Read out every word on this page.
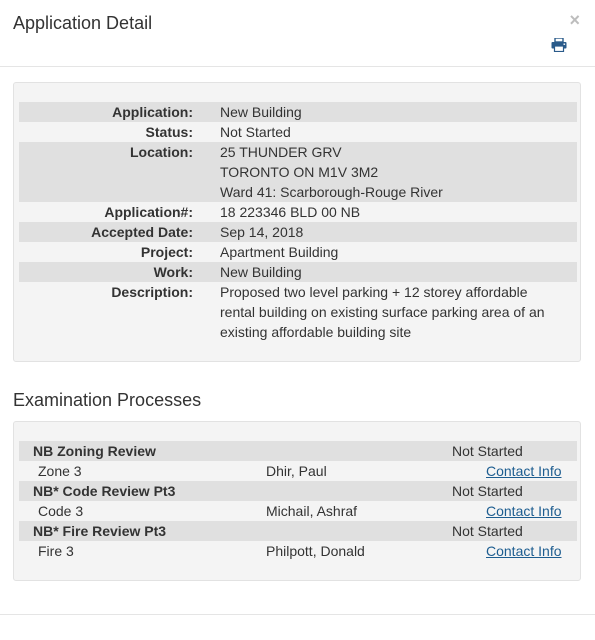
Application Detail	×
Application: New Building
Status: Not Started
Location: 25 THUNDER GRV
TORONTO ON M1V 3M2
Ward 41: Scarborough-Rouge River
Application#: 18 223346 BLD 00 NB
Accepted Date: Sep 14, 2018
Project: Apartment Building
Work: New Building
Description: Proposed two level parking + 12 storey affordable rental building on existing surface parking area of an existing affordable building site
Examination Processes
NB Zoning Review	Not Started
Zone 3	Dhir, Paul	Contact Info
NB* Code Review Pt3	Not Started
Code 3	Michail, Ashraf	Contact Info
NB* Fire Review Pt3	Not Started
Fire 3	Philpott, Donald	Contact Info
